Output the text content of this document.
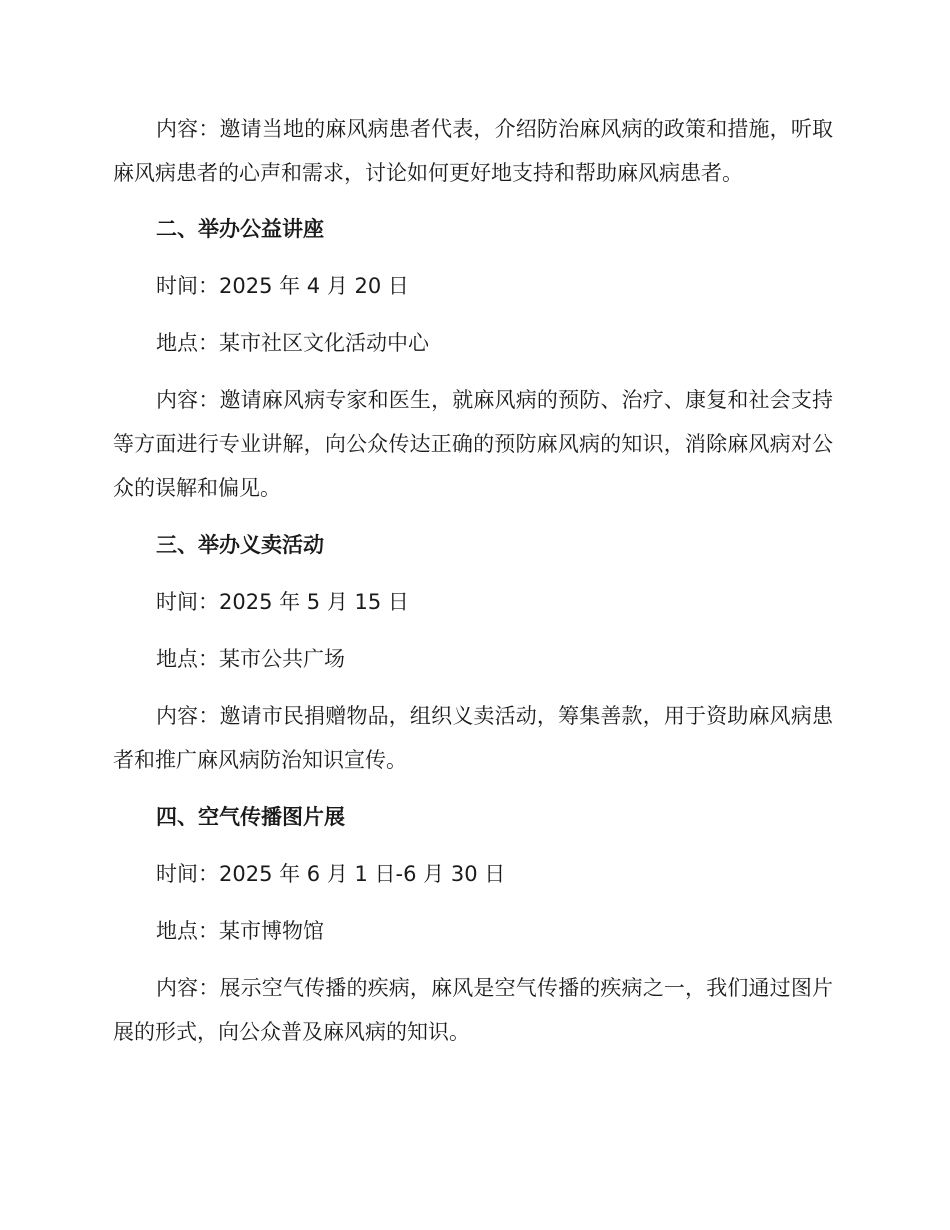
内容：邀请当地的麻风病患者代表，介绍防治麻风病的政策和措施，听取麻风病患者的心声和需求，讨论如何更好地支持和帮助麻风病患者。

二、举办公益讲座

时间：2025 年 4 月 20 日

地点：某市社区文化活动中心

内容：邀请麻风病专家和医生，就麻风病的预防、治疗、康复和社会支持等方面进行专业讲解，向公众传达正确的预防麻风病的知识，消除麻风病对公众的误解和偏见。

三、举办义卖活动

时间：2025 年 5 月 15 日

地点：某市公共广场

内容：邀请市民捐赠物品，组织义卖活动，筹集善款，用于资助麻风病患者和推广麻风病防治知识宣传。

四、空气传播图片展

时间：2025 年 6 月 1 日-6 月 30 日

地点：某市博物馆

内容：展示空气传播的疾病，麻风是空气传播的疾病之一，我们通过图片展的形式，向公众普及麻风病的知识。
